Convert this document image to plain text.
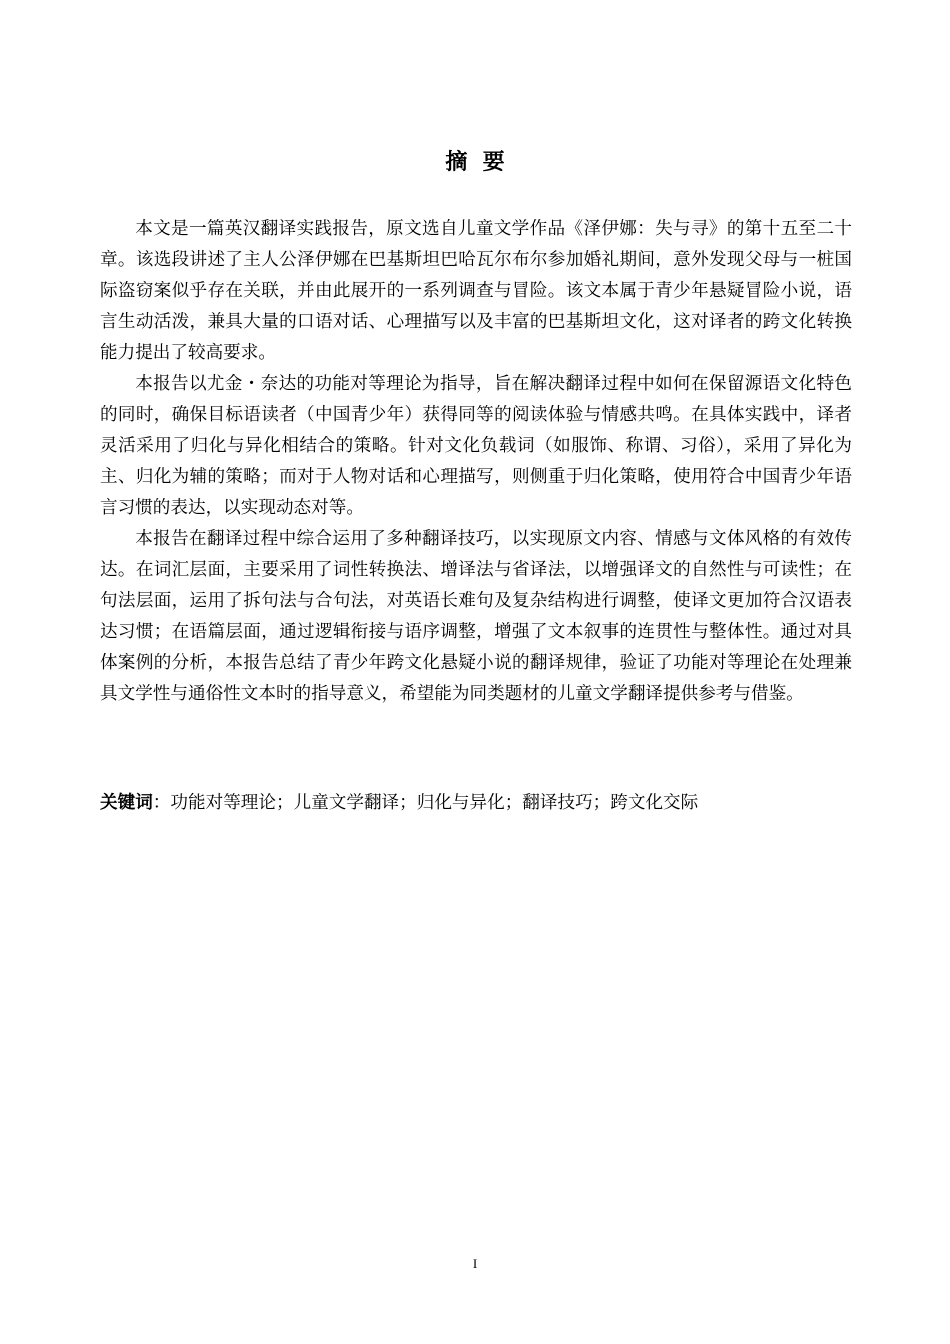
摘  要

本文是一篇英汉翻译实践报告，原文选自儿童文学作品《泽伊娜：失与寻》的第十五至二十章。该选段讲述了主人公泽伊娜在巴基斯坦巴哈瓦尔布尔参加婚礼期间，意外发现父母与一桩国际盗窃案似乎存在关联，并由此展开的一系列调查与冒险。该文本属于青少年悬疑冒险小说，语言生动活泼，兼具大量的口语对话、心理描写以及丰富的巴基斯坦文化，这对译者的跨文化转换能力提出了较高要求。

本报告以尤金・奈达的功能对等理论为指导，旨在解决翻译过程中如何在保留源语文化特色的同时，确保目标语读者（中国青少年）获得同等的阅读体验与情感共鸣。在具体实践中，译者灵活采用了归化与异化相结合的策略。针对文化负载词（如服饰、称谓、习俗），采用了异化为主、归化为辅的策略；而对于人物对话和心理描写，则侧重于归化策略，使用符合中国青少年语言习惯的表达，以实现动态对等。

本报告在翻译过程中综合运用了多种翻译技巧，以实现原文内容、情感与文体风格的有效传达。在词汇层面，主要采用了词性转换法、增译法与省译法，以增强译文的自然性与可读性；在句法层面，运用了拆句法与合句法，对英语长难句及复杂结构进行调整，使译文更加符合汉语表达习惯；在语篇层面，通过逻辑衔接与语序调整，增强了文本叙事的连贯性与整体性。通过对具体案例的分析，本报告总结了青少年跨文化悬疑小说的翻译规律，验证了功能对等理论在处理兼具文学性与通俗性文本时的指导意义，希望能为同类题材的儿童文学翻译提供参考与借鉴。

关键词：功能对等理论；儿童文学翻译；归化与异化；翻译技巧；跨文化交际
I
